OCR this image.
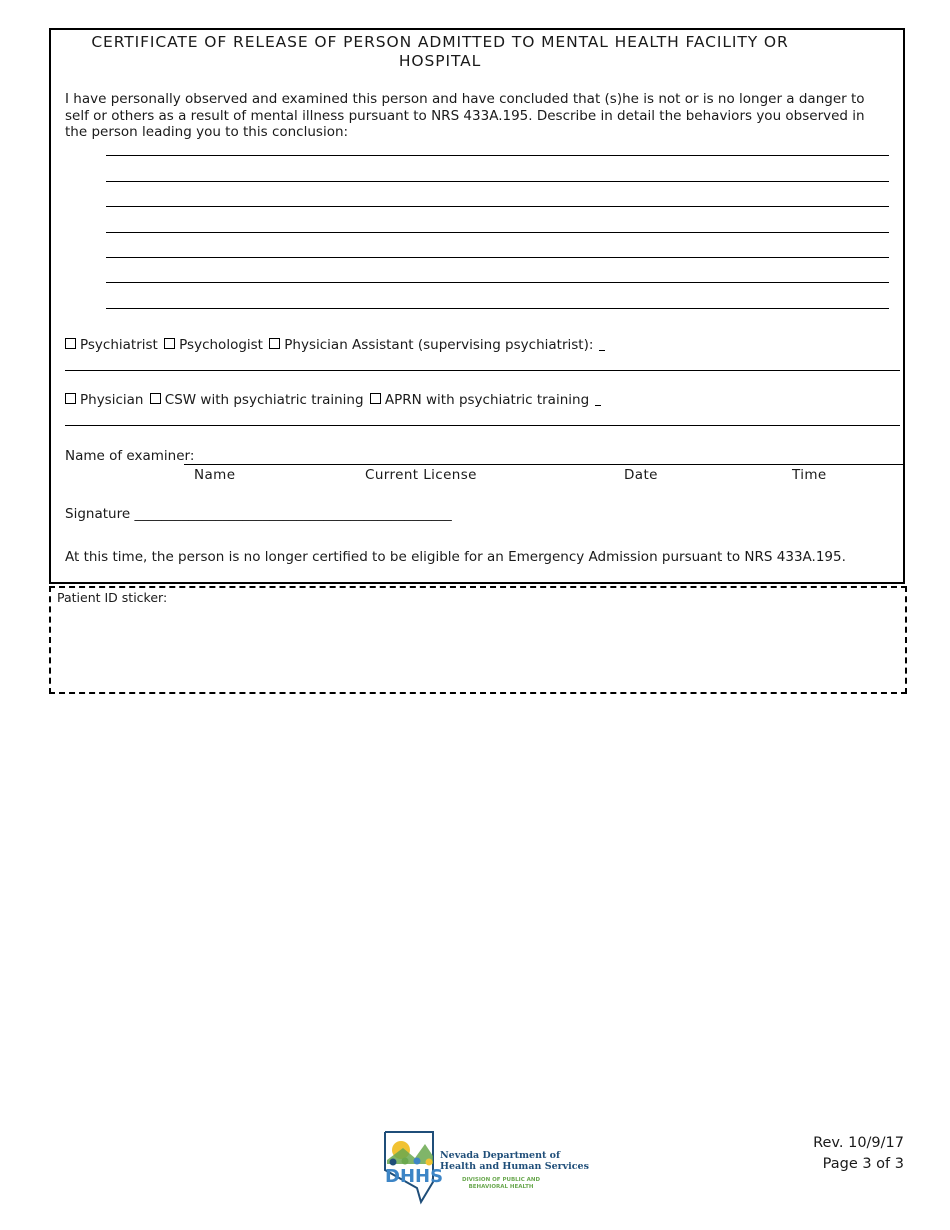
CERTIFICATE OF RELEASE OF PERSON ADMITTED TO MENTAL HEALTH FACILITY OR
HOSPITAL
I have personally observed and examined this person and have concluded that (s)he is not or is no longer a danger to self or others as a result of mental illness pursuant to NRS 433A.195. Describe in detail the behaviors you observed in the person leading you to this conclusion:
Psychiatrist Psychologist Physician Assistant (supervising psychiatrist):
Physician CSW with psychiatric training APRN with psychiatric training
Name of examiner:
Name	Current License	Date	Time
Signature _______________________________________________
At this time, the person is no longer certified to be eligible for an Emergency Admission pursuant to NRS 433A.195.
Patient ID sticker:
DHHS
Nevada Department of
Health and Human Services
DIVISION OF PUBLIC AND
BEHAVIORAL HEALTH
Rev. 10/9/17
Page 3 of 3
